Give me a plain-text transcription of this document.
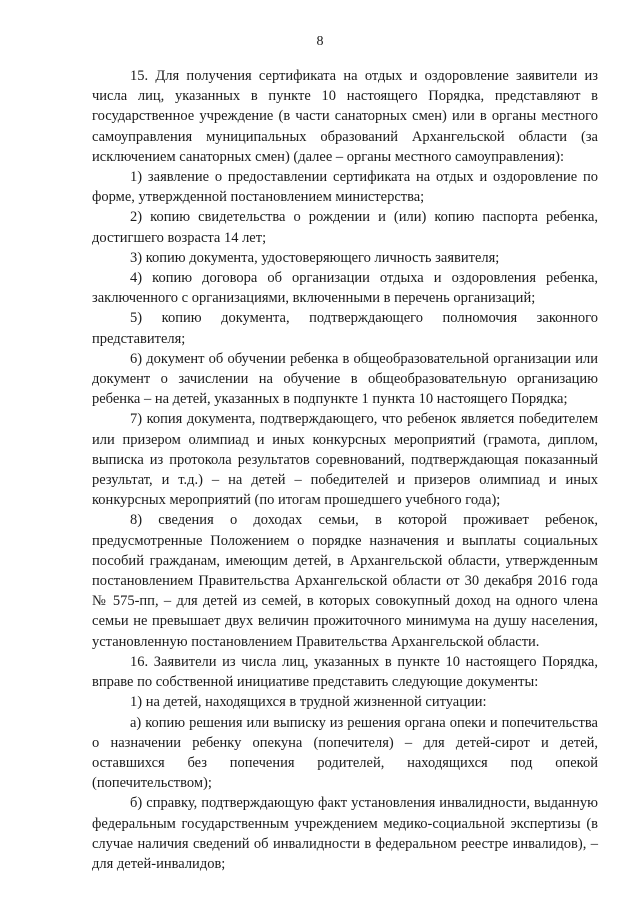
8

15. Для получения сертификата на отдых и оздоровление заявители из числа лиц, указанных в пункте 10 настоящего Порядка, представляют в государственное учреждение (в части санаторных смен) или в органы местного самоуправления муниципальных образований Архангельской области (за исключением санаторных смен) (далее – органы местного самоуправления):

1) заявление о предоставлении сертификата на отдых и оздоровление по форме, утвержденной постановлением министерства;

2) копию свидетельства о рождении и (или) копию паспорта ребенка, достигшего возраста 14 лет;

3) копию документа, удостоверяющего личность заявителя;

4) копию договора об организации отдыха и оздоровления ребенка, заключенного с организациями, включенными в перечень организаций;

5) копию документа, подтверждающего полномочия законного представителя;

6) документ об обучении ребенка в общеобразовательной организации или документ о зачислении на обучение в общеобразовательную организацию ребенка – на детей, указанных в подпункте 1 пункта 10 настоящего Порядка;

7) копия документа, подтверждающего, что ребенок является победителем или призером олимпиад и иных конкурсных мероприятий (грамота, диплом, выписка из протокола результатов соревнований, подтверждающая показанный результат, и т.д.) – на детей – победителей и призеров олимпиад и иных конкурсных мероприятий (по итогам прошедшего учебного года);

8) сведения о доходах семьи, в которой проживает ребенок, предусмотренные Положением о порядке назначения и выплаты социальных пособий гражданам, имеющим детей, в Архангельской области, утвержденным постановлением Правительства Архангельской области от 30 декабря 2016 года № 575-пп, – для детей из семей, в которых совокупный доход на одного члена семьи не превышает двух величин прожиточного минимума на душу населения, установленную постановлением Правительства Архангельской области.

16. Заявители из числа лиц, указанных в пункте 10 настоящего Порядка, вправе по собственной инициативе представить следующие документы:

1) на детей, находящихся в трудной жизненной ситуации:

а) копию решения или выписку из решения органа опеки и попечительства о назначении ребенку опекуна (попечителя) – для детей-сирот и детей, оставшихся без попечения родителей, находящихся под опекой (попечительством);

б) справку, подтверждающую факт установления инвалидности, выданную федеральным государственным учреждением медико-социальной экспертизы (в случае наличия сведений об инвалидности в федеральном реестре инвалидов), – для детей-инвалидов;
